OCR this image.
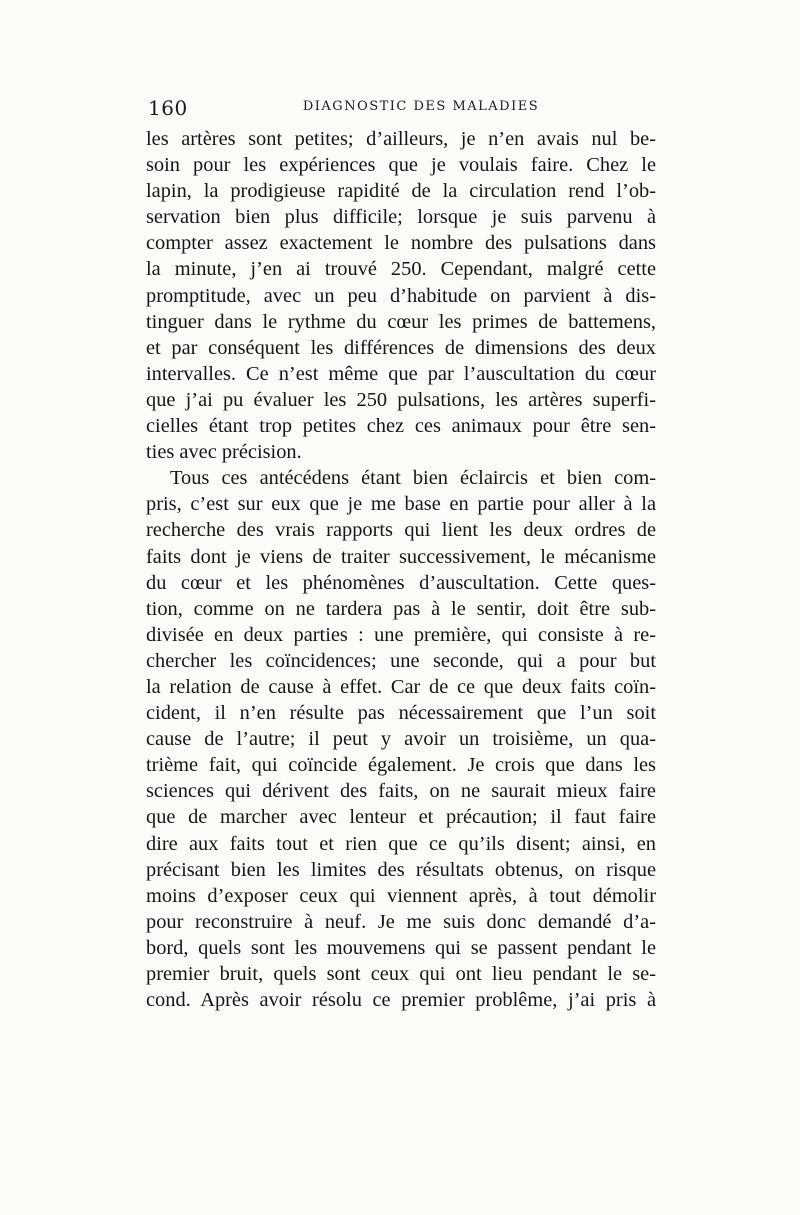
160	DIAGNOSTIC DES MALADIES

les artères sont petites; d’ailleurs, je n’en avais nul be-

soin pour les expériences que je voulais faire. Chez le

lapin, la prodigieuse rapidité de la circulation rend l’ob-

servation bien plus difficile; lorsque je suis parvenu à

compter assez exactement le nombre des pulsations dans

la minute, j’en ai trouvé 250. Cependant, malgré cette

promptitude, avec un peu d’habitude on parvient à dis-

tinguer dans le rythme du cœur les primes de battemens,

et par conséquent les différences de dimensions des deux

intervalles. Ce n’est même que par l’auscultation du cœur

que j’ai pu évaluer les 250 pulsations, les artères superfi-

cielles étant trop petites chez ces animaux pour être sen-

ties avec précision.

Tous ces antécédens étant bien éclaircis et bien com-

pris, c’est sur eux que je me base en partie pour aller à la

recherche des vrais rapports qui lient les deux ordres de

faits dont je viens de traiter successivement, le mécanisme

du cœur et les phénomènes d’auscultation. Cette ques-

tion, comme on ne tardera pas à le sentir, doit être sub-

divisée en deux parties : une première, qui consiste à re-

chercher les coïncidences; une seconde, qui a pour but

la relation de cause à effet. Car de ce que deux faits coïn-

cident, il n’en résulte pas nécessairement que l’un soit

cause de l’autre; il peut y avoir un troisième, un qua-

trième fait, qui coïncide également. Je crois que dans les

sciences qui dérivent des faits, on ne saurait mieux faire

que de marcher avec lenteur et précaution; il faut faire

dire aux faits tout et rien que ce qu’ils disent; ainsi, en

précisant bien les limites des résultats obtenus, on risque

moins d’exposer ceux qui viennent après, à tout démolir

pour reconstruire à neuf. Je me suis donc demandé d’a-

bord, quels sont les mouvemens qui se passent pendant le

premier bruit, quels sont ceux qui ont lieu pendant le se-

cond. Après avoir résolu ce premier problême, j’ai pris à
